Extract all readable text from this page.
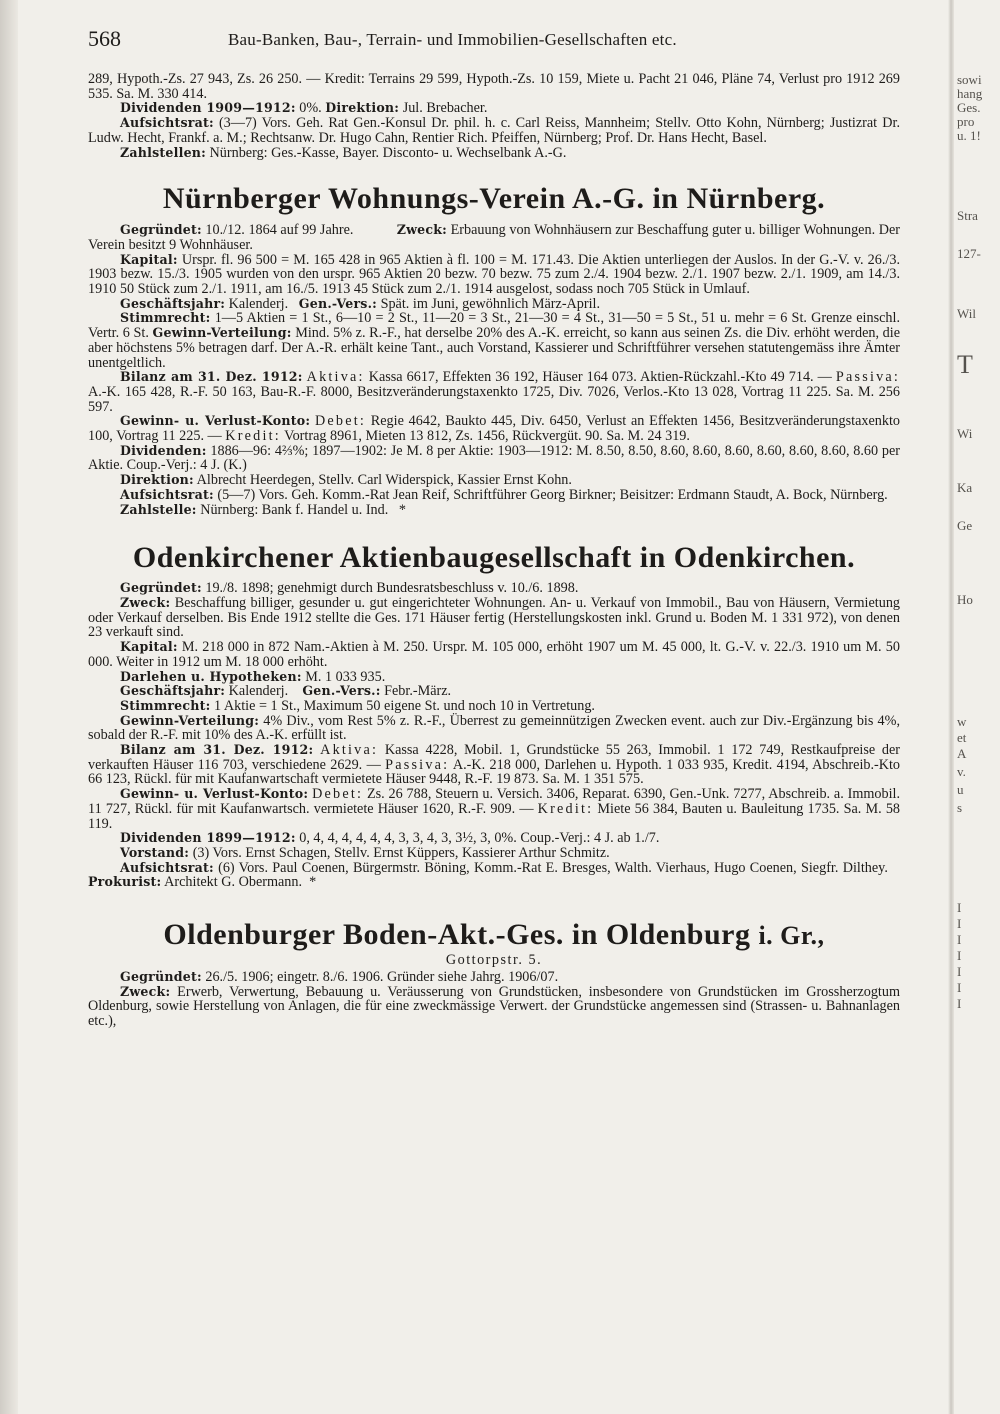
568	Bau-Banken, Bau-, Terrain- und Immobilien-Gesellschaften etc.

289, Hypoth.-Zs. 27 943, Zs. 26 250. — Kredit: Terrains 29 599, Hypoth.-Zs. 10 159, Miete u. Pacht 21 046, Pläne 74, Verlust pro 1912 269 535. Sa. M. 330 414.

Dividenden 1909—1912: 0%. Direktion: Jul. Brebacher.

Aufsichtsrat: (3—7) Vors. Geh. Rat Gen.-Konsul Dr. phil. h. c. Carl Reiss, Mannheim; Stellv. Otto Kohn, Nürnberg; Justizrat Dr. Ludw. Hecht, Frankf. a. M.; Rechtsanw. Dr. Hugo Cahn, Rentier Rich. Pfeiffen, Nürnberg; Prof. Dr. Hans Hecht, Basel.

Zahlstellen: Nürnberg: Ges.-Kasse, Bayer. Disconto- u. Wechselbank A.-G.

Nürnberger Wohnungs-Verein A.-G. in Nürnberg.

Gegründet: 10./12. 1864 auf 99 Jahre.	Zweck: Erbauung von Wohnhäusern zur Beschaffung guter u. billiger Wohnungen. Der Verein besitzt 9 Wohnhäuser.

Kapital: Urspr. fl. 96 500 = M. 165 428 in 965 Aktien à fl. 100 = M. 171.43. Die Aktien unterliegen der Auslos. In der G.-V. v. 26./3. 1903 bezw. 15./3. 1905 wurden von den urspr. 965 Aktien 20 bezw. 70 bezw. 75 zum 2./4. 1904 bezw. 2./1. 1907 bezw. 2./1. 1909, am 14./3. 1910 50 Stück zum 2./1. 1911, am 16./5. 1913 45 Stück zum 2./1. 1914 ausgelost, sodass noch 705 Stück in Umlauf.

Geschäftsjahr: Kalenderj. Gen.-Vers.: Spät. im Juni, gewöhnlich März-April.

Stimmrecht: 1—5 Aktien = 1 St., 6—10 = 2 St., 11—20 = 3 St., 21—30 = 4 St., 31—50 = 5 St., 51 u. mehr = 6 St. Grenze einschl. Vertr. 6 St. Gewinn-Verteilung: Mind. 5% z. R.-F., hat derselbe 20% des A.-K. erreicht, so kann aus seinen Zs. die Div. erhöht werden, die aber höchstens 5% betragen darf. Der A.-R. erhält keine Tant., auch Vorstand, Kassierer und Schriftführer versehen statutengemäss ihre Ämter unentgeltlich.

Bilanz am 31. Dez. 1912: Aktiva: Kassa 6617, Effekten 36 192, Häuser 164 073. Aktien-Rückzahl.-Kto 49 714. — Passiva: A.-K. 165 428, R.-F. 50 163, Bau-R.-F. 8000, Besitzveränderungstaxenkto 1725, Div. 7026, Verlos.-Kto 13 028, Vortrag 11 225. Sa. M. 256 597.

Gewinn- u. Verlust-Konto: Debet: Regie 4642, Baukto 445, Div. 6450, Verlust an Effekten 1456, Besitzveränderungstaxenkto 100, Vortrag 11 225. — Kredit: Vortrag 8961, Mieten 13 812, Zs. 1456, Rückvergüt. 90. Sa. M. 24 319.

Dividenden: 1886—96: 4⅔%; 1897—1902: Je M. 8 per Aktie: 1903—1912: M. 8.50, 8.50, 8.60, 8.60, 8.60, 8.60, 8.60, 8.60, 8.60 per Aktie. Coup.-Verj.: 4 J. (K.)

Direktion: Albrecht Heerdegen, Stellv. Carl Widerspick, Kassier Ernst Kohn.

Aufsichtsrat: (5—7) Vors. Geh. Komm.-Rat Jean Reif, Schriftführer Georg Birkner; Beisitzer: Erdmann Staudt, A. Bock, Nürnberg.

Zahlstelle: Nürnberg: Bank f. Handel u. Ind. *

Odenkirchener Aktienbaugesellschaft in Odenkirchen.

Gegründet: 19./8. 1898; genehmigt durch Bundesratsbeschluss v. 10./6. 1898.

Zweck: Beschaffung billiger, gesunder u. gut eingerichteter Wohnungen. An- u. Verkauf von Immobil., Bau von Häusern, Vermietung oder Verkauf derselben. Bis Ende 1912 stellte die Ges. 171 Häuser fertig (Herstellungskosten inkl. Grund u. Boden M. 1 331 972), von denen 23 verkauft sind.

Kapital: M. 218 000 in 872 Nam.-Aktien à M. 250. Urspr. M. 105 000, erhöht 1907 um M. 45 000, lt. G.-V. v. 22./3. 1910 um M. 50 000. Weiter in 1912 um M. 18 000 erhöht.

Darlehen u. Hypotheken: M. 1 033 935.

Geschäftsjahr: Kalenderj. Gen.-Vers.: Febr.-März.

Stimmrecht: 1 Aktie = 1 St., Maximum 50 eigene St. und noch 10 in Vertretung.

Gewinn-Verteilung: 4% Div., vom Rest 5% z. R.-F., Überrest zu gemeinnützigen Zwecken event. auch zur Div.-Ergänzung bis 4%, sobald der R.-F. mit 10% des A.-K. erfüllt ist.

Bilanz am 31. Dez. 1912: Aktiva: Kassa 4228, Mobil. 1, Grundstücke 55 263, Immobil. 1 172 749, Restkaufpreise der verkauften Häuser 116 703, verschiedene 2629. — Passiva: A.-K. 218 000, Darlehen u. Hypoth. 1 033 935, Kredit. 4194, Abschreib.-Kto 66 123, Rückl. für mit Kaufanwartschaft vermietete Häuser 9448, R.-F. 19 873. Sa. M. 1 351 575.

Gewinn- u. Verlust-Konto: Debet: Zs. 26 788, Steuern u. Versich. 3406, Reparat. 6390, Gen.-Unk. 7277, Abschreib. a. Immobil. 11 727, Rückl. für mit Kaufanwartsch. vermietete Häuser 1620, R.-F. 909. — Kredit: Miete 56 384, Bauten u. Bauleitung 1735. Sa. M. 58 119.

Dividenden 1899—1912: 0, 4, 4, 4, 4, 4, 4, 3, 3, 4, 3, 3½, 3, 0%. Coup.-Verj.: 4 J. ab 1./7.

Vorstand: (3) Vors. Ernst Schagen, Stellv. Ernst Küppers, Kassierer Arthur Schmitz.

Aufsichtsrat: (6) Vors. Paul Coenen, Bürgermstr. Böning, Komm.-Rat E. Bresges, Walth. Vierhaus, Hugo Coenen, Siegfr. Dilthey.    Prokurist: Architekt G. Obermann. *

Oldenburger Boden-Akt.-Ges. in Oldenburg i. Gr.,
Gottorpstr. 5.

Gegründet: 26./5. 1906; eingetr. 8./6. 1906. Gründer siehe Jahrg. 1906/07.

Zweck: Erwerb, Verwertung, Bebauung u. Veräusserung von Grundstücken, insbesondere von Grundstücken im Grossherzogtum Oldenburg, sowie Herstellung von Anlagen, die für eine zweckmässige Verwert. der Grundstücke angemessen sind (Strassen- u. Bahnanlagen etc.),

sowi
hang
Ges.
pro
u. 1!
Stra
127-
Wil
T
Wi
Ka
Ge
Ho
w
et
A
v.
u
s
I
I
I
I
I
I
I
